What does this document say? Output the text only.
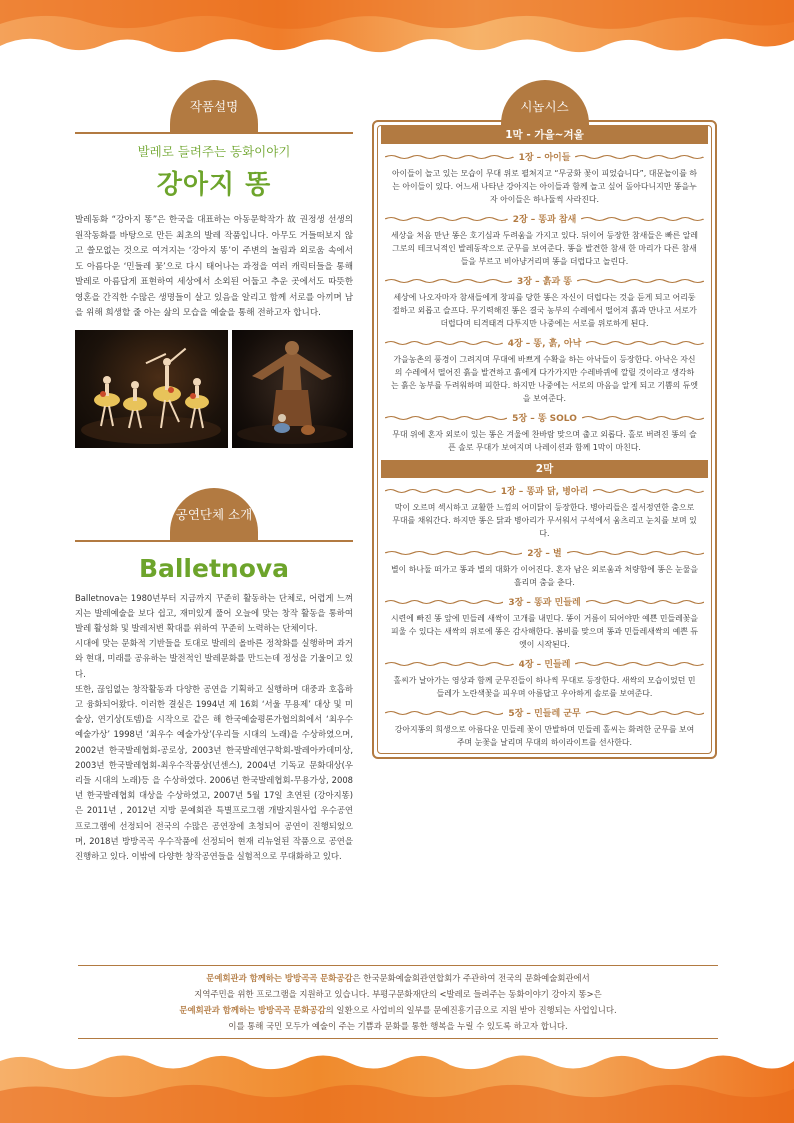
작품설명
발레로 들려주는 동화이야기
강아지 똥
발레동화 “강아지 똥”은 한국을 대표하는 아동문학작가 故 권정생 선생의 원작동화를 바탕으로 만든 최초의 발레 작품입니다. 아무도 거들떠보지 않고 쓸모없는 것으로 여겨지는 ‘강아지 똥’이 주변의 놀림과 외로움 속에서도 아름다운 ‘민들레 꽃’으로 다시 태어나는 과정을 여러 캐릭터들을 통해 발레로 아름답게 표현하여 세상에서 소외된 어둡고 추운 곳에서도 따뜻한 영혼을 간직한 수많은 생명들이 살고 있음을 알리고 함께 서로를 아끼며 남을 위해 희생할 줄 아는 삶의 모습을 예술을 통해 전하고자 합니다.
공연단체 소개
Balletnova

Balletnova는 1980년부터 지금까지 꾸준히 활동하는 단체로, 어렵게 느껴지는 발레예술을 보다 쉽고, 재미있게 풀어 오늘에 맞는 창작 활동을 통하여 발레 활성화 및 발레저변 확대를 위하여 꾸준히 노력하는 단체이다.

시대에 맞는 문화적 기반들을 토대로 발레의 올바른 정착화를 실행하며 과거와 현대, 미래를 공유하는 발전적인 발레문화를 만드는데 정성을 기울이고 있다.

또한, 끊임없는 창작활동과 다양한 공연을 기획하고 실행하며 대중과 호흡하고 융화되어왔다. 이러한 결실은 1994년 제 16회 ‘서울 무용제’ 대상 및 미술상, 연기상(토템)을 시작으로 같은 해 한국예술평론가협의회에서 ‘최우수 예술가상’ 1998년 ‘최우수 예술가상’(우리들 시대의 노래)을 수상하였으며, 2002년 한국발레협회-공로상, 2003년 한국발레연구학회-발레아카데미상, 2003년 한국발레협회-최우수작품상(넌센스), 2004년 기독교 문화대상(우리들 시대의 노래)등 을 수상하였다. 2006년 한국발레협회-무용가상, 2008년 한국발레협회 대상을 수상하였고, 2007년 5월 17일 초연된 (강아지똥)은 2011년 , 2012년 지방 문예회관 특별프로그램 개발지원사업 우수공연 프로그램에 선정되어 전국의 수많은 공연장에 초청되어 공연이 진행되었으며, 2018년 방방곡곡 우수작품에 선정되어 현재 리뉴얼된 작품으로 공연을 진행하고 있다. 이밖에 다양한 창작공연들을 실험적으로 무대화하고 있다.

시놉시스
1막 - 가을~겨울
1장 – 아이들
아이들이 놀고 있는 모습이 무대 위로 펼쳐지고 “무궁화 꽃이 피었습니다”, 대문놀이를 하는 아이들이 있다. 어느새 나타난 강아지는 아이들과 함께 놀고 싶어 돌아다니지만 똥을누자 아이들은 하나둘씩 사라진다.
2장 – 똥과 참새
세상을 처음 만난 똥은 호기심과 두려움을 가지고 있다. 뒤이어 등장한 참새들은 빠른 알레그로의 테크닉적인 발레동작으로 군무를 보여준다. 똥을 발견한 참새 한 마리가 다른 참새들을 부르고 비아냥거리며 똥을 더럽다고 놀린다.
3장 – 흙과 똥
세상에 나오자마자 참새들에게 창피를 당한 똥은 자신이 더럽다는 것을 듣게 되고 어리둥절하고 외롭고 슬프다. 무기력해진 똥은 결국 농부의 수레에서 떨어져 흙과 만나고 서로가 더럽다며 티격태격 다투지만 나중에는 서로를 위로하게 된다.
4장 – 똥, 흙, 아낙
가을농촌의 풍경이 그려지며 무대에 바쁘게 수확을 하는 아낙들이 등장한다. 아낙은 자신의 수레에서 떨어진 흙을 발견하고 흙에게 다가가지만 수레바퀴에 깔릴 것이라고 생각하는 흙은 농부를 두려워하며 피한다. 하지만 나중에는 서로의 마음을 알게 되고 기쁨의 듀엣을 보여준다.
5장 – 똥 SOLO
무대 위에 혼자 외로이 있는 똥은 겨울에 찬바람 맞으며 춥고 외롭다. 홀로 버려진 똥의 슬픈 솔로 무대가 보여지며 나레이션과 함께 1막이 마친다.
2막
1장 – 똥과 닭, 병아리
막이 오르며 섹시하고 교활한 느낌의 어미닭이 등장한다. 병아리들은 질서정연한 춤으로 무대를 채워간다. 하지만 똥은 닭과 병아리가 무서워서 구석에서 움츠리고 눈치를 보며 있다.
2장 – 별
별이 하나둘 떠가고 똥과 별의 대화가 이어진다. 혼자 남은 외로움과 처량함에 똥은 눈물을 흘리며 춤을 춘다.
3장 – 똥과 민들레
시련에 빠진 똥 앞에 민들레 새싹이 고개를 내민다. 똥이 거름이 되어야만 예쁜 민들레꽃을 피울 수 있다는 새싹의 위로에 똥은 감사해한다. 봄비를 맞으며 똥과 민들레새싹의 예쁜 듀엣이 시작된다.
4장 – 민들레
홀씨가 날아가는 영상과 함께 군무진들이 하나씩 무대로 등장한다. 새싹의 모습이었던 민들레가 노란색꽃을 피우며 아름답고 우아하게 솔로를 보여준다.
5장 – 민들레 군무
강아지똥의 희생으로 아름다운 민들레 꽃이 만발하며 민들레 홀씨는 화려한 군무를 보여주며 눈꽃을 날리며 무대의 하이라이트를 선사한다.
문예회관과 함께하는 방방곡곡 문화공감은 한국문화예술회관연합회가 주관하여 전국의 문화예술회관에서
지역주민을 위한 프로그램을 지원하고 있습니다. 부평구문화재단의 <발레로 들려주는 동화이야기 강아지 똥>은
문예회관과 함께하는 방방곡곡 문화공감의 일환으로 사업비의 일부를 문예진흥기금으로 지원 받아 진행되는 사업입니다.
이를 통해 국민 모두가 예술이 주는 기쁨과 문화를 통한 행복을 누릴 수 있도록 하고자 합니다.
